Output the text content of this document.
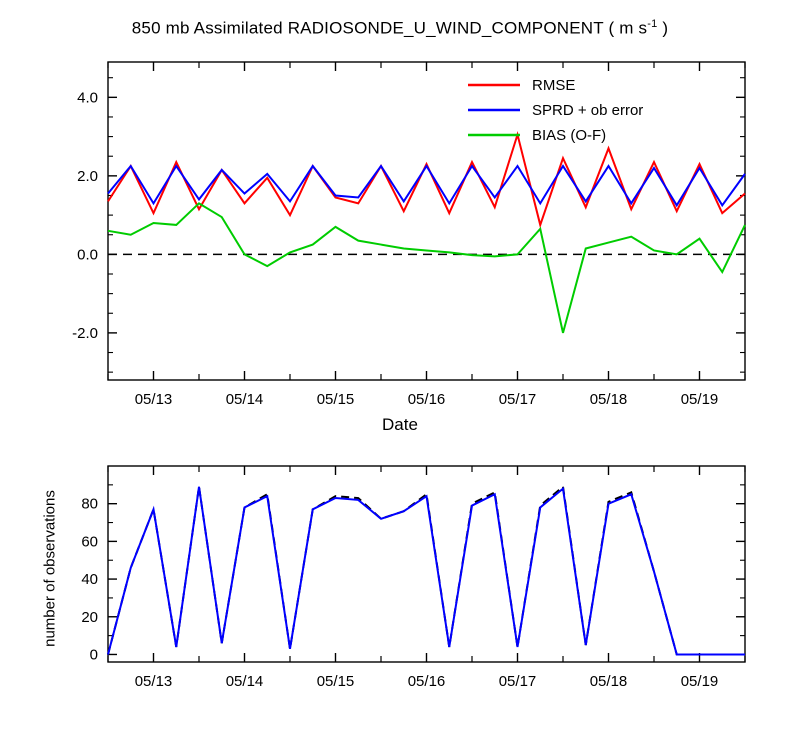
850 mb Assimilated RADIOSONDE_U_WIND_COMPONENT ( m $s^{-1}$ )
Date
number of observations
05/13	05/14	05/15	05/16	05/17	05/18	05/19
-2.0
0.0
2.0
4.0
RMSE
SPRD + ob error
BIAS (O-F)
05/13	05/14	05/15	05/16	05/17	05/18	05/19
0
20
40
60
80
